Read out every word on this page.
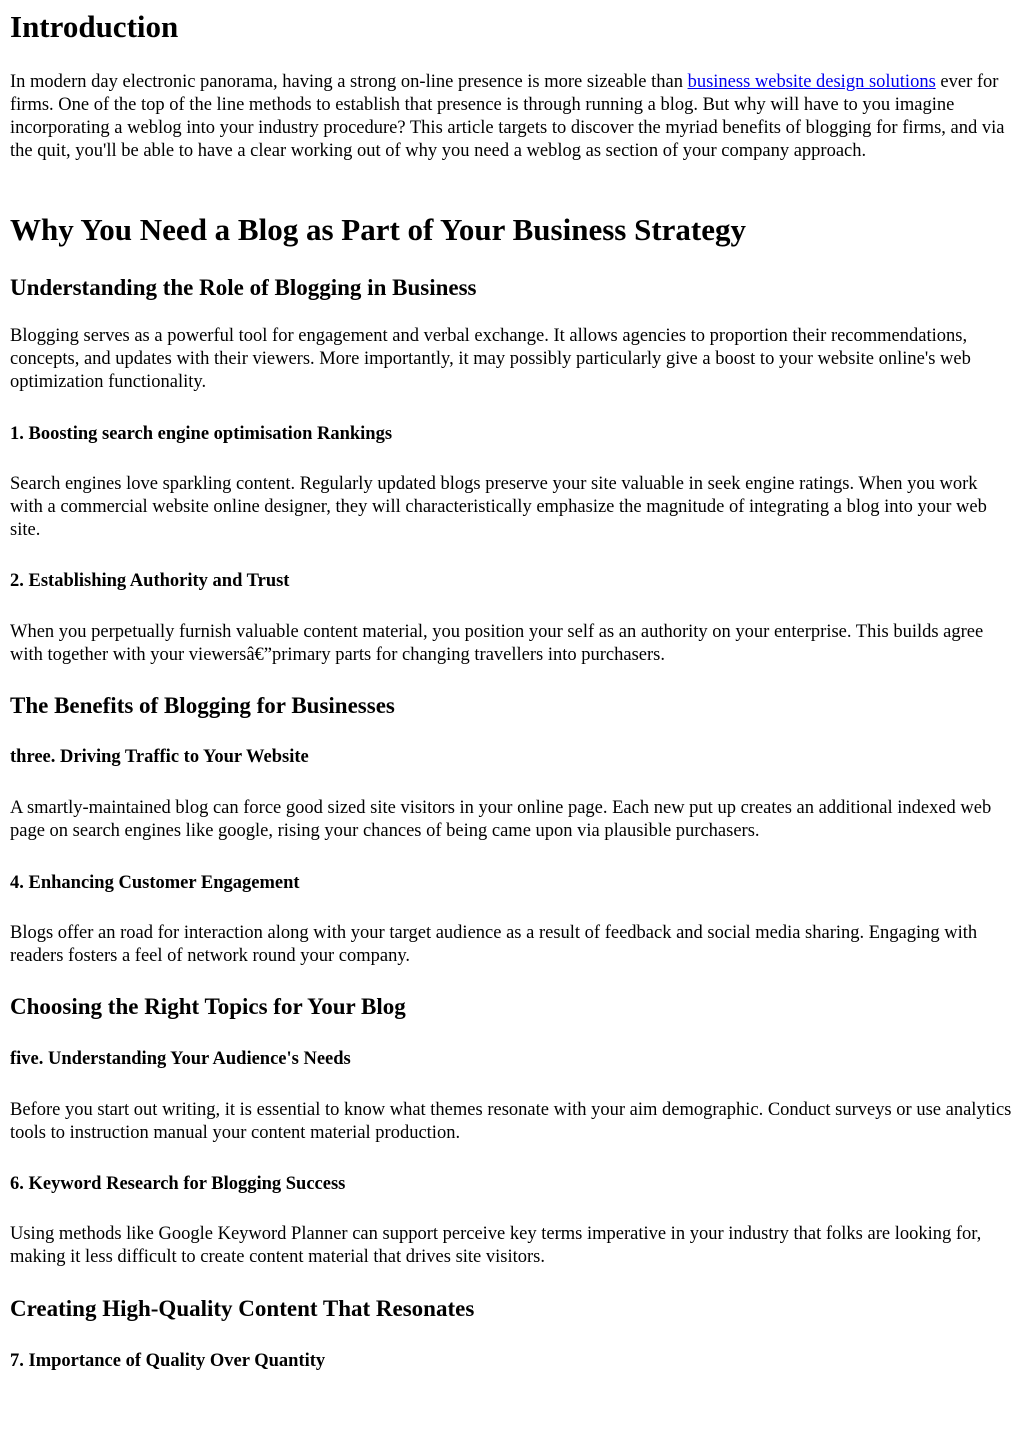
Introduction

In modern day electronic panorama, having a strong on-line presence is more sizeable than business website design solutions ever for firms. One of the top of the line methods to establish that presence is through running a blog. But why will have to you imagine incorporating a weblog into your industry procedure? This article targets to discover the myriad benefits of blogging for firms, and via the quit, you'll be able to have a clear working out of why you need a weblog as section of your company approach.

Why You Need a Blog as Part of Your Business Strategy
Understanding the Role of Blogging in Business

Blogging serves as a powerful tool for engagement and verbal exchange. It allows agencies to proportion their recommendations, concepts, and updates with their viewers. More importantly, it may possibly particularly give a boost to your website online's web optimization functionality.

1. Boosting search engine optimisation Rankings

Search engines love sparkling content. Regularly updated blogs preserve your site valuable in seek engine ratings. When you work with a commercial website online designer, they will characteristically emphasize the magnitude of integrating a blog into your web site.

2. Establishing Authority and Trust

When you perpetually furnish valuable content material, you position your self as an authority on your enterprise. This builds agree with together with your viewersâ€”primary parts for changing travellers into purchasers.

The Benefits of Blogging for Businesses
three. Driving Traffic to Your Website

A smartly-maintained blog can force good sized site visitors in your online page. Each new put up creates an additional indexed web page on search engines like google, rising your chances of being came upon via plausible purchasers.

4. Enhancing Customer Engagement

Blogs offer an road for interaction along with your target audience as a result of feedback and social media sharing. Engaging with readers fosters a feel of network round your company.

Choosing the Right Topics for Your Blog
five. Understanding Your Audience's Needs

Before you start out writing, it is essential to know what themes resonate with your aim demographic. Conduct surveys or use analytics tools to instruction manual your content material production.

6. Keyword Research for Blogging Success

Using methods like Google Keyword Planner can support perceive key terms imperative in your industry that folks are looking for, making it less difficult to create content material that drives site visitors.

Creating High-Quality Content That Resonates
7. Importance of Quality Over Quantity
